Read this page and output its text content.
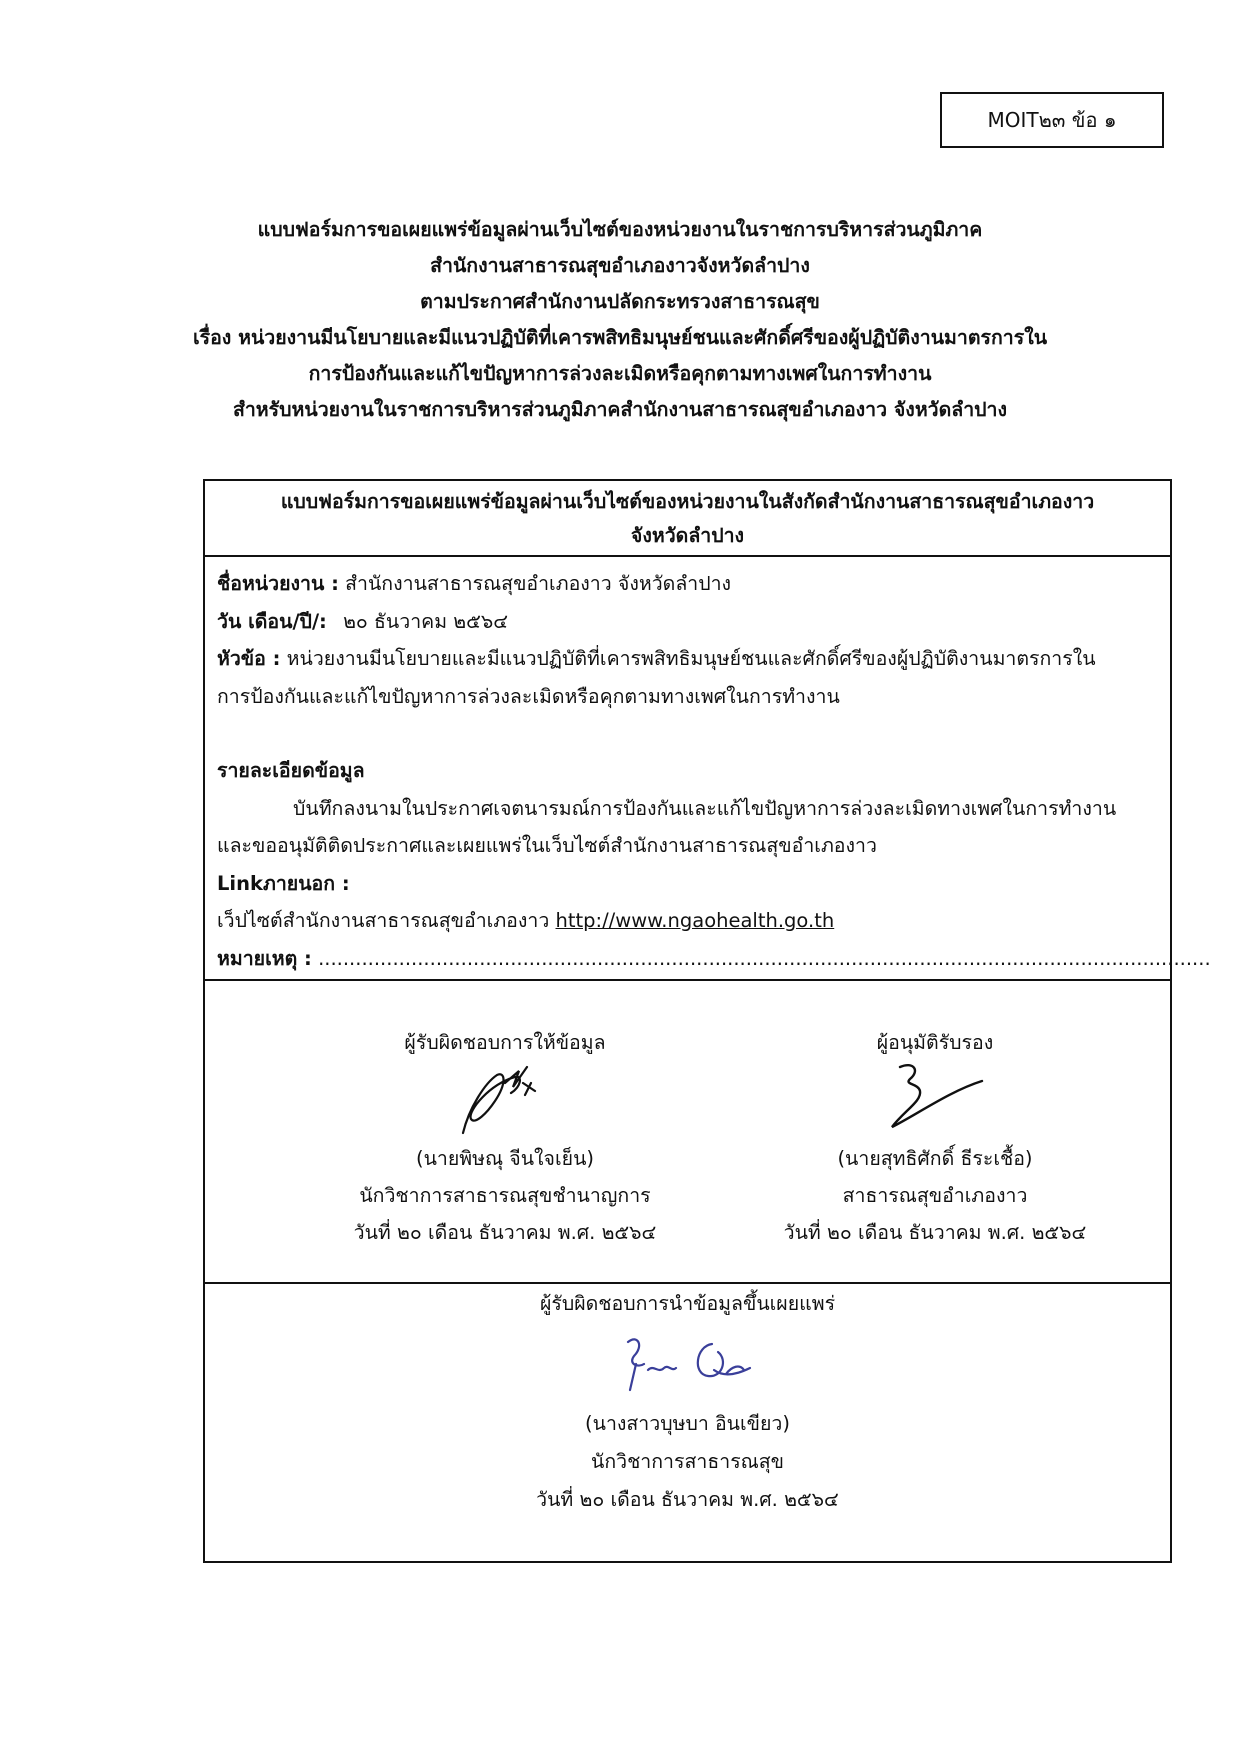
MOIT๒๓ ข้อ ๑
แบบฟอร์มการขอเผยแพร่ข้อมูลผ่านเว็บไซต์ของหน่วยงานในราชการบริหารส่วนภูมิภาค
สำนักงานสาธารณสุขอำเภองาวจังหวัดลำปาง
ตามประกาศสำนักงานปลัดกระทรวงสาธารณสุข
เรื่อง หน่วยงานมีนโยบายและมีแนวปฏิบัติที่เคารพสิทธิมนุษย์ชนและศักดิ์ศรีของผู้ปฏิบัติงานมาตรการใน
การป้องกันและแก้ไขปัญหาการล่วงละเมิดหรือคุกตามทางเพศในการทำงาน
สำหรับหน่วยงานในราชการบริหารส่วนภูมิภาคสำนักงานสาธารณสุขอำเภองาว จังหวัดลำปาง
แบบฟอร์มการขอเผยแพร่ข้อมูลผ่านเว็บไซต์ของหน่วยงานในสังกัดสำนักงานสาธารณสุขอำเภองาว
จังหวัดลำปาง
ชื่อหน่วยงาน : สำนักงานสาธารณสุขอำเภองาว จังหวัดลำปาง
วัน เดือน/ปี/: ๒๐ ธันวาคม ๒๕๖๔
หัวข้อ : หน่วยงานมีนโยบายและมีแนวปฏิบัติที่เคารพสิทธิมนุษย์ชนและศักดิ์ศรีของผู้ปฏิบัติงานมาตรการใน
การป้องกันและแก้ไขปัญหาการล่วงละเมิดหรือคุกตามทางเพศในการทำงาน
รายละเอียดข้อมูล
บันทึกลงนามในประกาศเจตนารมณ์การป้องกันและแก้ไขปัญหาการล่วงละเมิดทางเพศในการทำงาน
และขออนุมัติติดประกาศและเผยแพร่ในเว็บไซต์สำนักงานสาธารณสุขอำเภองาว
Linkภายนอก :
เว็ปไซต์สำนักงานสาธารณสุขอำเภองาว http://www.ngaohealth.go.th
หมายเหตุ : ................................................................................................................................................
ผู้รับผิดชอบการให้ข้อมูล
(นายพิษณุ จีนใจเย็น)
นักวิชาการสาธารณสุขชำนาญการ
วันที่ ๒๐ เดือน ธันวาคม พ.ศ. ๒๕๖๔
ผู้อนุมัติรับรอง
(นายสุทธิศักดิ์ ธีระเชื้อ)
สาธารณสุขอำเภองาว
วันที่ ๒๐ เดือน ธันวาคม พ.ศ. ๒๕๖๔
ผู้รับผิดชอบการนำข้อมูลขึ้นเผยแพร่
(นางสาวบุษบา อินเขียว)
นักวิชาการสาธารณสุข
วันที่ ๒๐ เดือน ธันวาคม พ.ศ. ๒๕๖๔
